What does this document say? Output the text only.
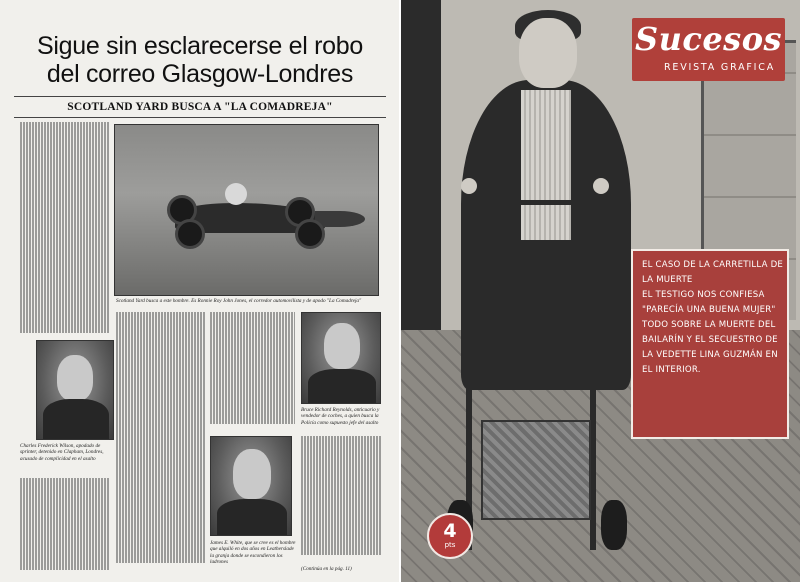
Sigue sin esclarecerse el robo
del correo Glasgow-Londres
SCOTLAND YARD BUSCA A "LA COMADREJA"
Scotland Yard busca a este hombre. Es Ronnie Roy John Jones, el corredor automovilista y de apodo "La Comadreja"
Charles Frederick Wilson, apodado de sprinter, detenido en Clapham, Londres, acusado de complicidad en el asalto
Bruce Richard Reynolds, anticuario y vendedor de coches, a quien busca la Policía como supuesto jefe del asalto
(Continúa en la pág. 11)
James E. White, que se cree es el hombre que alquiló en dos años en Leatherslade la granja donde se escondieron los ladrones
Sucesos
REVISTA GRAFICA
EL CASO DE LA CARRETILLA DE
LA MUERTE
EL TESTIGO NOS CONFIESA
"PARECÍA UNA BUENA MUJER"
TODO SOBRE LA MUERTE DEL
BAILARÍN Y EL SECUESTRO DE
LA VEDETTE LINA GUZMÁN EN
EL INTERIOR.
4
pts
